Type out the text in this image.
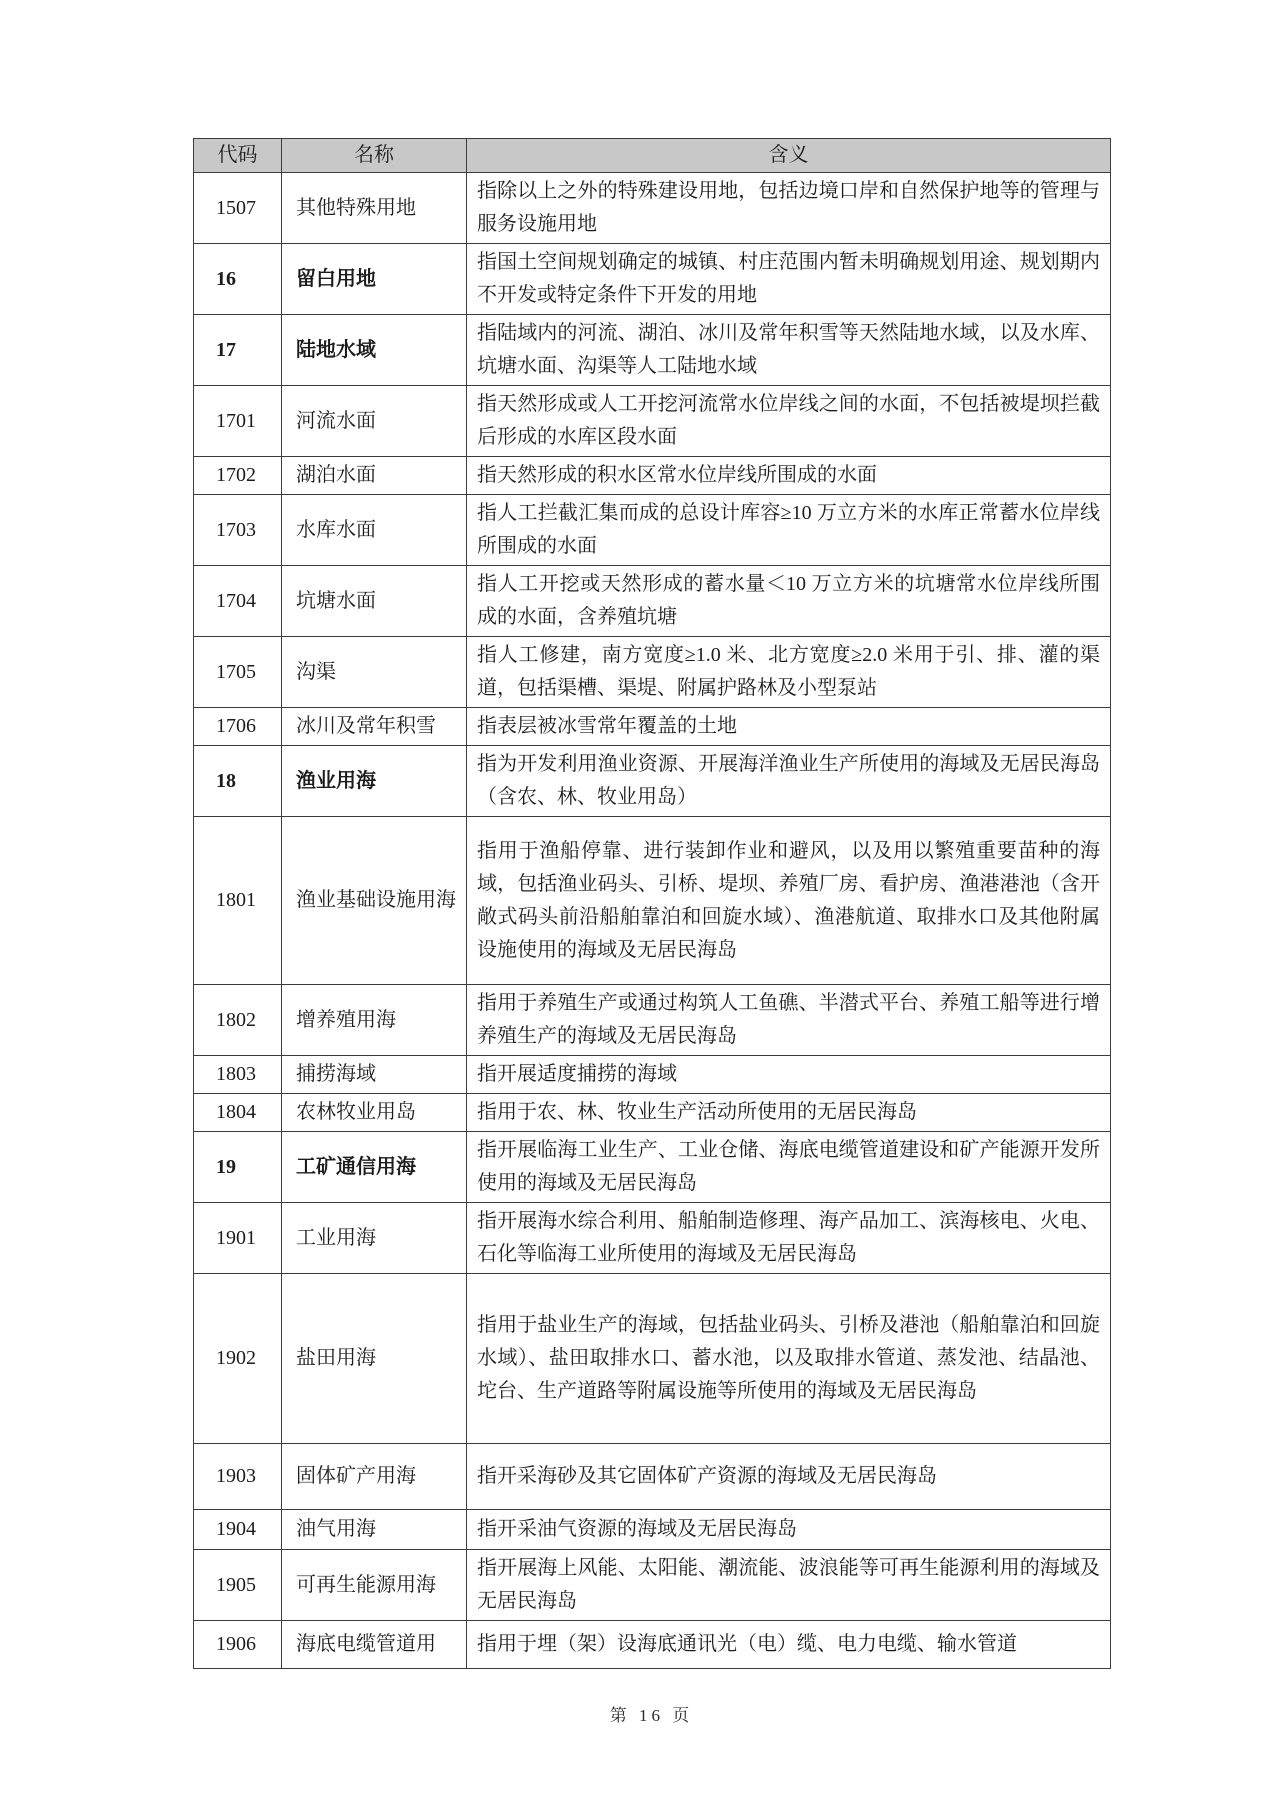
代码	名称	含义
1507	其他特殊用地	指除以上之外的特殊建设用地，包括边境口岸和自然保护地等的管理与服务设施用地
16	留白用地	指国土空间规划确定的城镇、村庄范围内暂未明确规划用途、规划期内不开发或特定条件下开发的用地
17	陆地水域	指陆域内的河流、湖泊、冰川及常年积雪等天然陆地水域，以及水库、坑塘水面、沟渠等人工陆地水域
1701	河流水面	指天然形成或人工开挖河流常水位岸线之间的水面，不包括被堤坝拦截后形成的水库区段水面
1702	湖泊水面	指天然形成的积水区常水位岸线所围成的水面
1703	水库水面	指人工拦截汇集而成的总设计库容≥10 万立方米的水库正常蓄水位岸线所围成的水面
1704	坑塘水面	指人工开挖或天然形成的蓄水量＜10 万立方米的坑塘常水位岸线所围成的水面，含养殖坑塘
1705	沟渠	指人工修建，南方宽度≥1.0 米、北方宽度≥2.0 米用于引、排、灌的渠道，包括渠槽、渠堤、附属护路林及小型泵站
1706	冰川及常年积雪	指表层被冰雪常年覆盖的土地
18	渔业用海	指为开发利用渔业资源、开展海洋渔业生产所使用的海域及无居民海岛（含农、林、牧业用岛）
1801	渔业基础设施用海	指用于渔船停靠、进行装卸作业和避风，以及用以繁殖重要苗种的海域，包括渔业码头、引桥、堤坝、养殖厂房、看护房、渔港港池（含开敞式码头前沿船舶靠泊和回旋水域）、渔港航道、取排水口及其他附属设施使用的海域及无居民海岛
1802	增养殖用海	指用于养殖生产或通过构筑人工鱼礁、半潜式平台、养殖工船等进行增养殖生产的海域及无居民海岛
1803	捕捞海域	指开展适度捕捞的海域
1804	农林牧业用岛	指用于农、林、牧业生产活动所使用的无居民海岛
19	工矿通信用海	指开展临海工业生产、工业仓储、海底电缆管道建设和矿产能源开发所使用的海域及无居民海岛
1901	工业用海	指开展海水综合利用、船舶制造修理、海产品加工、滨海核电、火电、石化等临海工业所使用的海域及无居民海岛
1902	盐田用海	指用于盐业生产的海域，包括盐业码头、引桥及港池（船舶靠泊和回旋水域）、盐田取排水口、蓄水池，以及取排水管道、蒸发池、结晶池、坨台、生产道路等附属设施等所使用的海域及无居民海岛
1903	固体矿产用海	指开采海砂及其它固体矿产资源的海域及无居民海岛
1904	油气用海	指开采油气资源的海域及无居民海岛
1905	可再生能源用海	指开展海上风能、太阳能、潮流能、波浪能等可再生能源利用的海域及无居民海岛
1906	海底电缆管道用	指用于埋（架）设海底通讯光（电）缆、电力电缆、输水管道
第 16 页
